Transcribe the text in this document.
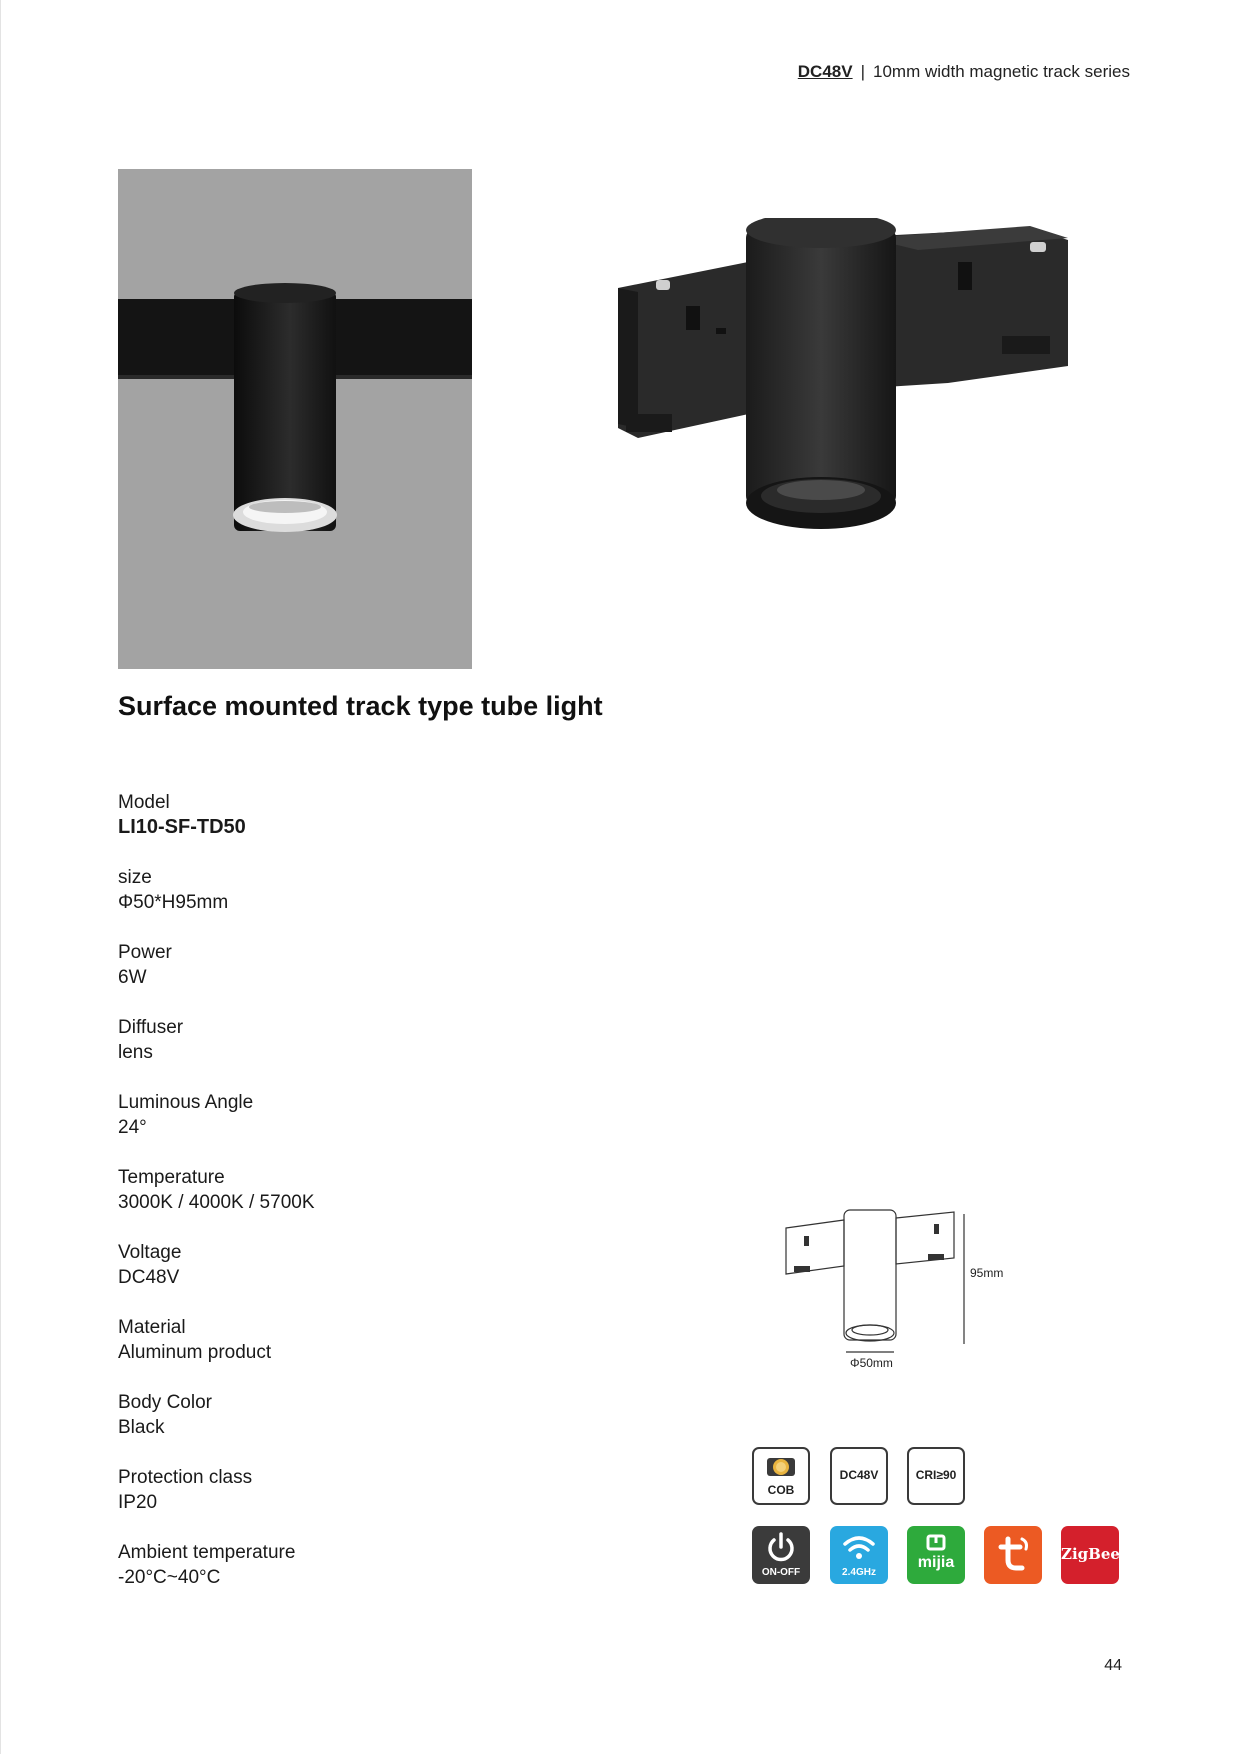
DC48V | 10mm width magnetic track series
Surface mounted track type tube light
Model
LI10-SF-TD50
size
Φ50*H95mm
Power
6W
Diffuser
lens
Luminous Angle
24°
Temperature
3000K / 4000K / 5700K
Voltage
DC48V
Material
Aluminum product
Body Color
Black
Protection class
IP20
Ambient temperature
-20°C~40°C
95mm
Φ50mm
COB
DC48V	CRI≥90
ON-OFF	2.4GHz
mijia	ZigBee
44
